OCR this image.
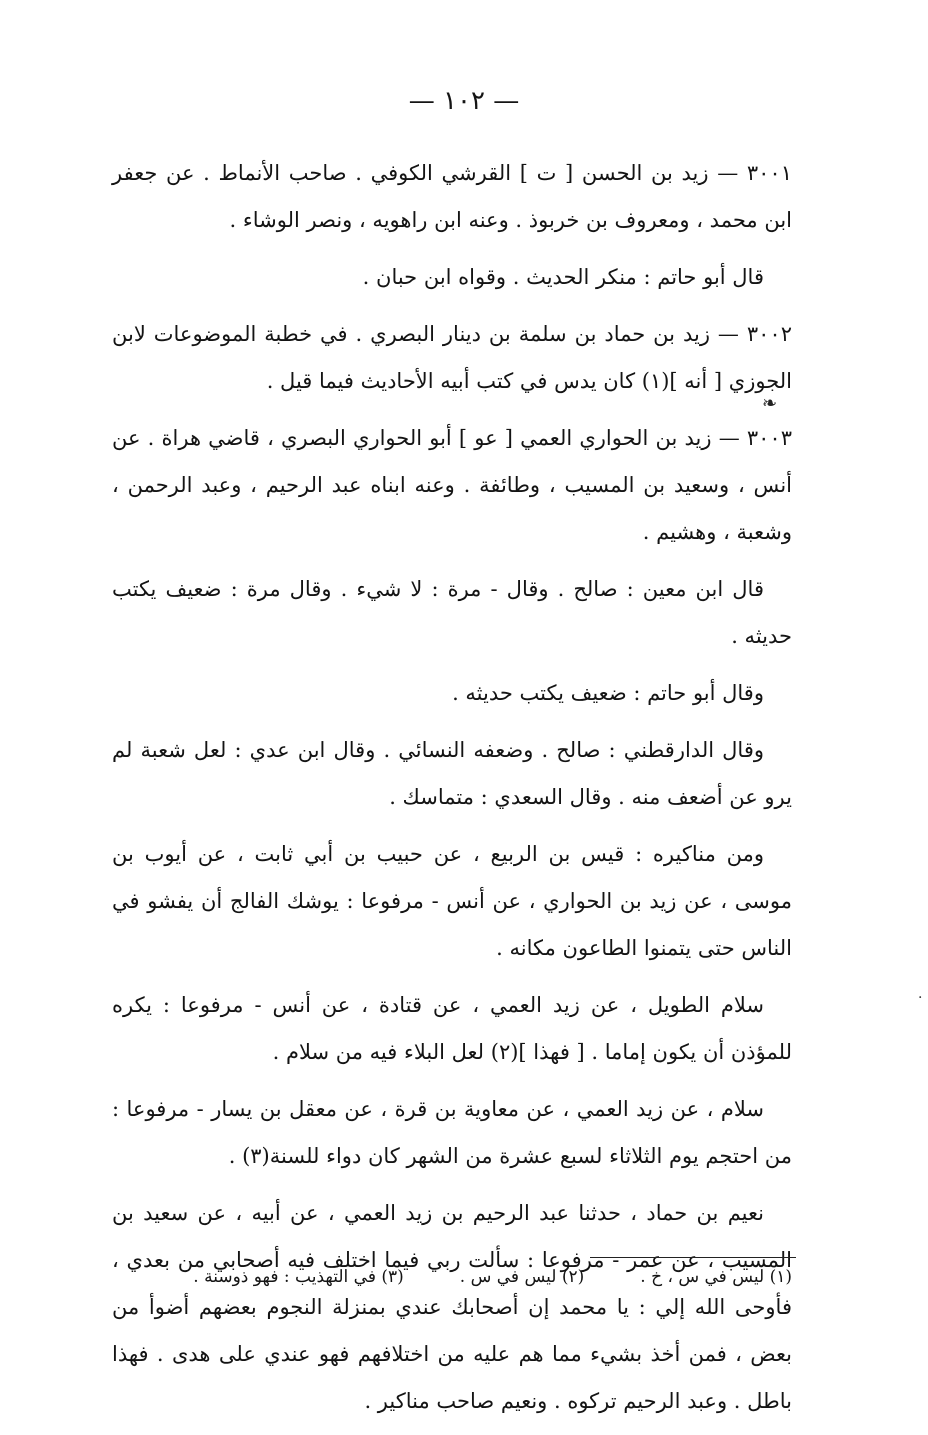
— ١٠٢ —
❧
·

٣٠٠١ — زيد بن الحسن [ ت ] القرشي الكوفي . صاحب الأنماط . عن جعفر ابن محمد ، ومعروف بن خربوذ . وعنه ابن راهويه ، ونصر الوشاء .

قال أبو حاتم : منكر الحديث . وقواه ابن حبان .

٣٠٠٢ — زيد بن حماد بن سلمة بن دينار البصري . في خطبة الموضوعات لابن الجوزي [ أنه ](١) كان يدس في كتب أبيه الأحاديث فيما قيل .

٣٠٠٣ — زيد بن الحواري العمي [ عو ] أبو الحواري البصري ، قاضي هراة . عن أنس ، وسعيد بن المسيب ، وطائفة . وعنه ابناه عبد الرحيم ، وعبد الرحمن ، وشعبة ، وهشيم .

قال ابن معين : صالح . وقال - مرة : لا شيء . وقال مرة : ضعيف يكتب حديثه .

وقال أبو حاتم : ضعيف يكتب حديثه .

وقال الدارقطني : صالح . وضعفه النسائي . وقال ابن عدي : لعل شعبة لم يرو عن أضعف منه . وقال السعدي : متماسك .

ومن مناكيره : قيس بن الربيع ، عن حبيب بن أبي ثابت ، عن أيوب بن موسى ، عن زيد بن الحواري ، عن أنس - مرفوعا : يوشك الفالج أن يفشو في الناس حتى يتمنوا الطاعون مكانه .

سلام الطويل ، عن زيد العمي ، عن قتادة ، عن أنس - مرفوعا : يكره للمؤذن أن يكون إماما . [ فهذا ](٢) لعل البلاء فيه من سلام .

سلام ، عن زيد العمي ، عن معاوية بن قرة ، عن معقل بن يسار - مرفوعا : من احتجم يوم الثلاثاء لسبع عشرة من الشهر كان دواء للسنة(٣) .

نعيم بن حماد ، حدثنا عبد الرحيم بن زيد العمي ، عن أبيه ، عن سعيد بن المسيب ، عن عمر - مرفوعا : سألت ربي فيما اختلف فيه أصحابي من بعدي ، فأوحى الله إلي : يا محمد إن أصحابك عندي بمنزلة النجوم بعضهم أضوأ من بعض ، فمن أخذ بشيء مما هم عليه من اختلافهم فهو عندي على هدى . فهذا باطل . وعبد الرحيم تركوه . ونعيم صاحب مناكير .

(١) ليس في س ، خ .
(٢) ليس في س .
(٣) في التهذيب : فهو ذوسنة .
